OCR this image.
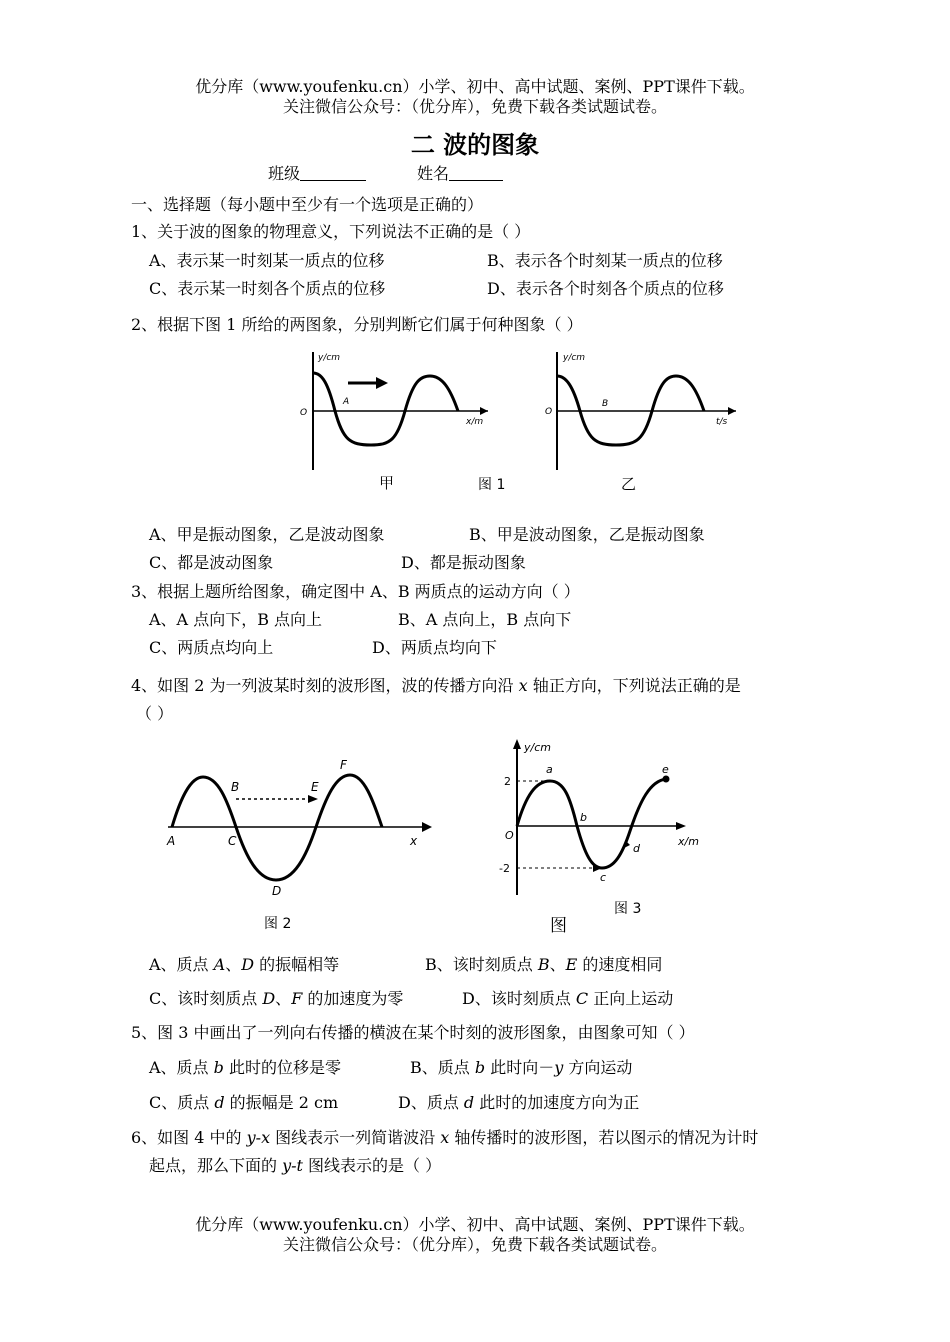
优分库（www.youfenku.cn）小学、初中、高中试题、案例、PPT课件下载。
关注微信公众号：（优分库），免费下载各类试题试卷。
二 波的图象
班级	姓名
一、选择题（每小题中至少有一个选项是正确的）
1、关于波的图象的物理意义，下列说法不正确的是（ ）
A、表示某一时刻某一质点的位移	B、表示各个时刻某一质点的位移
C、表示某一时刻各个质点的位移	D、表示各个时刻各个质点的位移
2、根据下图 1 所给的两图象，分别判断它们属于何种图象（ ）
y/cm
x/m
O
A
y/cm
t/s
O
B
甲	图 1	乙
A、甲是振动图象，乙是波动图象	B、甲是波动图象，乙是振动图象
C、都是波动图象	D、都是振动图象
3、根据上题所给图象，确定图中 A、B 两质点的运动方向（ ）
A、A 点向下，B 点向上	B、A 点向上，B 点向下
C、两质点均向上	D、两质点均向下
4、如图 2 为一列波某时刻的波形图，波的传播方向沿 x 轴正方向，下列说法正确的是
（ ）
A
B
C
D
E
F
x
图 2
y/cm
x/m
O
2
-2
a
b
c
d
e
图 3
图
A、质点 A、D 的振幅相等	B、该时刻质点 B、E 的速度相同
C、该时刻质点 D、F 的加速度为零	D、该时刻质点 C 正向上运动
5、图 3 中画出了一列向右传播的横波在某个时刻的波形图象，由图象可知（ ）
A、质点 b 此时的位移是零	B、质点 b 此时向－y 方向运动
C、质点 d 的振幅是 2 cm	D、质点 d 此时的加速度方向为正
6、如图 4 中的 y-x 图线表示一列简谐波沿 x 轴传播时的波形图，若以图示的情况为计时
起点，那么下面的 y-t 图线表示的是（ ）
优分库（www.youfenku.cn）小学、初中、高中试题、案例、PPT课件下载。
关注微信公众号：（优分库），免费下载各类试题试卷。
